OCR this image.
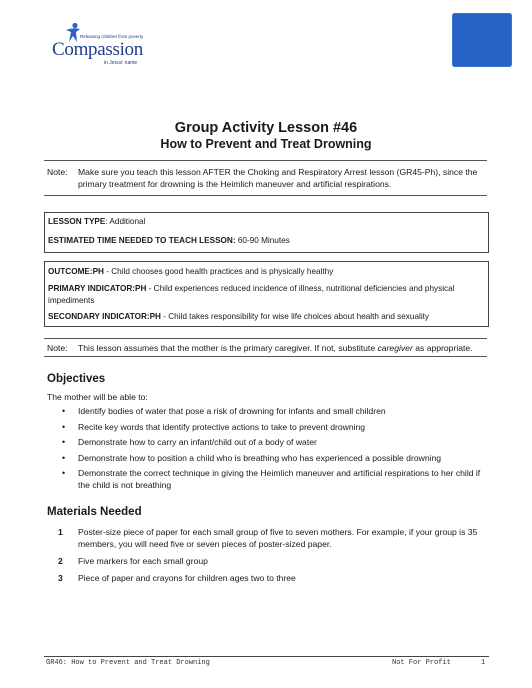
Releasing children from poverty
Compassion
in Jesus' name
Group Activity Lesson #46
How to Prevent and Treat Drowning
Note: Make sure you teach this lesson AFTER the Choking and Respiratory Arrest lesson (GR45-Ph), since the primary treatment for drowning is the Heimlich maneuver and artificial respirations.

LESSON TYPE: Additional

ESTIMATED TIME NEEDED TO TEACH LESSON: 60-90 Minutes

OUTCOME:PH - Child chooses good health practices and is physically healthy

PRIMARY INDICATOR:PH - Child experiences reduced incidence of illness, nutritional deficiencies and physical impediments

SECONDARY INDICATOR:PH - Child takes responsibility for wise life choices about health and sexuality

Note: This lesson assumes that the mother is the primary caregiver. If not, substitute caregiver as appropriate.
Objectives
The mother will be able to:
• Identify bodies of water that pose a risk of drowning for infants and small children
• Recite key words that identify protective actions to take to prevent drowning
• Demonstrate how to carry an infant/child out of a body of water
• Demonstrate how to position a child who is breathing who has experienced a possible drowning
• Demonstrate the correct technique in giving the Heimlich maneuver and artificial respirations to her child if the child is not breathing
Materials Needed
1 Poster-size piece of paper for each small group of five to seven mothers. For example, if your group is 35 members, you will need five or seven pieces of poster-sized paper.
2 Five markers for each small group
3 Piece of paper and crayons for children ages two to three
GR46: How to Prevent and Treat Drowning	Not For Profit	1
